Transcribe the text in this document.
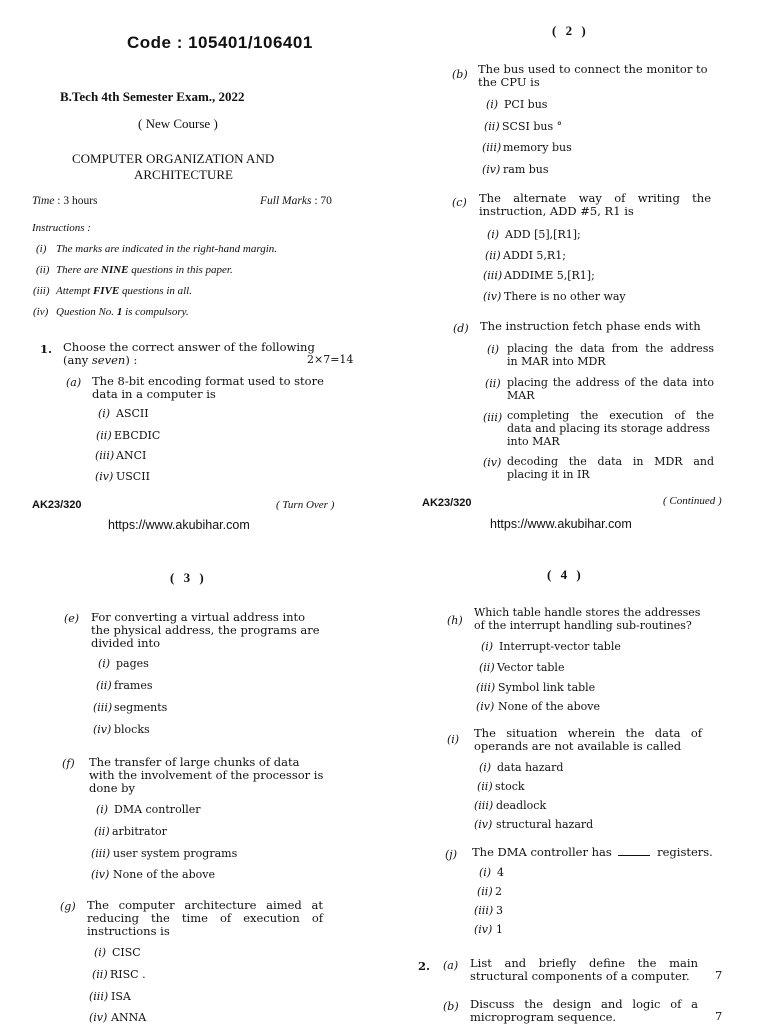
Code : 105401/106401
B.Tech 4th Semester Exam., 2022
( New Course )
COMPUTER ORGANIZATION AND
ARCHITECTURE
Time : 3 hours	Full Marks : 70
Instructions :
(i) The marks are indicated in the right-hand margin.
(ii) There are NINE questions in this paper.
(iii) Attempt FIVE questions in all.
(iv) Question No. 1 is compulsory.
1. Choose the correct answer of the following
(any seven) :	2×7=14
(a) The 8-bit encoding format used to store
data in a computer is
(i) ASCII
(ii) EBCDIC
(iii) ANCI
(iv) USCII
AK23/320	( Turn Over )
https://www.akubihar.com
( 2 )
(b) The bus used to connect the monitor to
the CPU is
(i) PCI bus
(ii) SCSI bus °
(iii) memory bus
(iv) ram bus
(c) The alternate way of writing the
instruction, ADD #5, R1 is
(i) ADD [5],[R1];
(ii) ADDI 5,R1;
(iii) ADDIME 5,[R1];
(iv) There is no other way
(d) The instruction fetch phase ends with
(i) placing the data from the address
in MAR into MDR
(ii) placing the address of the data into
MAR
(iii) completing the execution of the
data and placing its storage address
into MAR
(iv) decoding the data in MDR and
placing it in IR
AK23/320	( Continued )
https://www.akubihar.com
( 3 )
(e) For converting a virtual address into
the physical address, the programs are
divided into
(i) pages
(ii) frames
(iii) segments
(iv) blocks
(f) The transfer of large chunks of data
with the involvement of the processor is
done by
(i) DMA controller
(ii) arbitrator
(iii) user system programs
(iv) None of the above
(g) The computer architecture aimed at
reducing the time of execution of
instructions is
(i) CISC
(ii) RISC .
(iii) ISA
(iv) ANNA
( 4 )
(h)
Which table handle stores the addresses
of the interrupt handling sub-routines?
(i) Interrupt-vector table
(ii) Vector table
(iii) Symbol link table
(iv) None of the above
(i) The situation wherein the data of
operands are not available is called
(i) data hazard
(ii) stock
(iii) deadlock
(iv) structural hazard
(j) The DMA controller has	registers.
(i) 4
(ii) 2
(iii) 3
(iv) 1
2. (a) List and briefly define the main
structural components of a computer. 7
(b) Discuss the design and logic of a
microprogram sequence.	7
